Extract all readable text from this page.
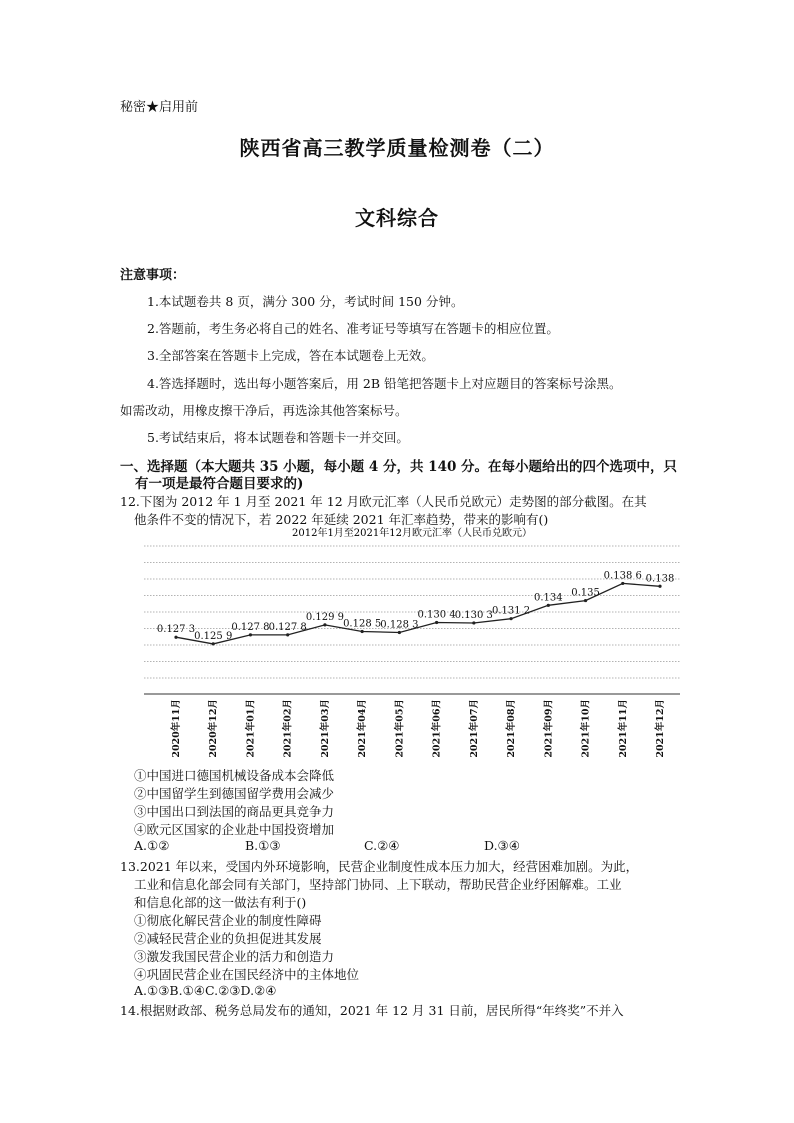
秘密★启用前
陕西省高三教学质量检测卷（二）
文科综合
注意事项：
1.本试题卷共 8 页，满分 300 分，考试时间 150 分钟。
2.答题前，考生务必将自己的姓名、准考证号等填写在答题卡的相应位置。
3.全部答案在答题卡上完成，答在本试题卷上无效。
4.答选择题时，选出每小题答案后，用 2B 铅笔把答题卡上对应题目的答案标号涂黑。
如需改动，用橡皮擦干净后，再选涂其他答案标号。
5.考试结束后，将本试题卷和答题卡一并交回。
一、选择题（本大题共 35 小题，每小题 4 分，共 140 分。在每小题给出的四个选项中，只
有一项是最符合题目要求的)
12.下图为 2012 年 1 月至 2021 年 12 月欧元汇率（人民币兑欧元）走势图的部分截图。在其
他条件不变的情况下，若 2022 年延续 2021 年汇率趋势，带来的影响有()
2012年1月至2021年12月欧元汇率（人民币兑欧元）
0.127 3
0.125 9
0.127 8 0.127 8
0.129 9
0.128 5 0.128 3
0.130 4 0.130 3 0.131 2
0.134 0.135
0.138 6 0.138
2020年11月	2020年12月	2021年01月	2021年02月	2021年03月	2021年04月	2021年05月	2021年06月	2021年07月	2021年08月	2021年09月	2021年10月	2021年11月	2021年12月
①中国进口德国机械设备成本会降低
②中国留学生到德国留学费用会减少
③中国出口到法国的商品更具竞争力
④欧元区国家的企业赴中国投资增加
A.①②	B.①③	C.②④	D.③④
13.2021 年以来，受国内外环境影响，民营企业制度性成本压力加大，经营困难加剧。为此，
工业和信息化部会同有关部门，坚持部门协同、上下联动，帮助民营企业纾困解难。工业
和信息化部的这一做法有利于()
①彻底化解民营企业的制度性障碍
②减轻民营企业的负担促进其发展
③激发我国民营企业的活力和创造力
④巩固民营企业在国民经济中的主体地位
A.①③B.①④C.②③D.②④
14.根据财政部、税务总局发布的通知，2021 年 12 月 31 日前，居民所得“年终奖”不并入
